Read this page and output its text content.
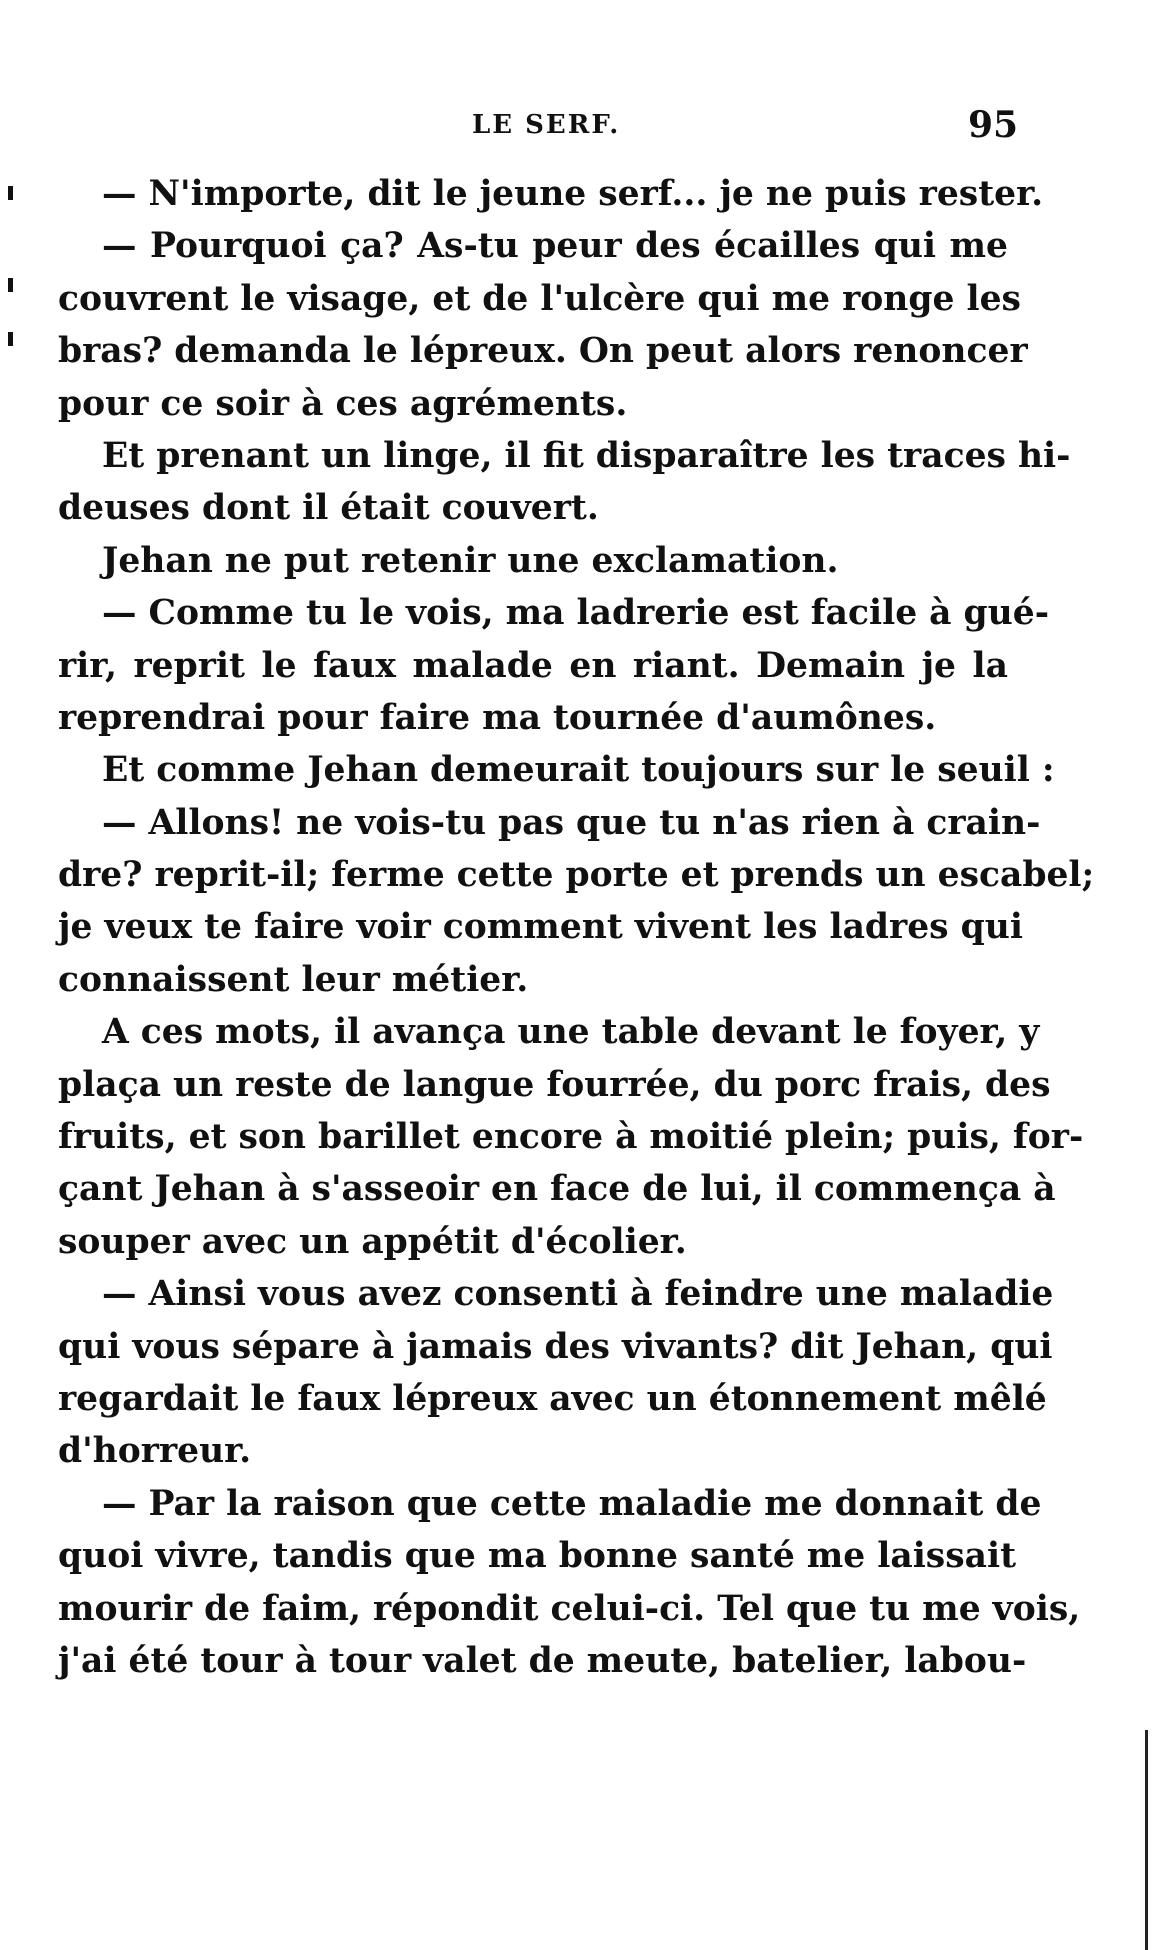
LE SERF.	95
— N'importe, dit le jeune serf... je ne puis rester.
— Pourquoi ça? As-tu peur des écailles qui me
couvrent le visage, et de l'ulcère qui me ronge les
bras? demanda le lépreux. On peut alors renoncer
pour ce soir à ces agréments.
Et prenant un linge, il fit disparaître les traces hi-
deuses dont il était couvert.
Jehan ne put retenir une exclamation.
— Comme tu le vois, ma ladrerie est facile à gué-
rir, reprit le faux malade en riant. Demain je la
reprendrai pour faire ma tournée d'aumônes.
Et comme Jehan demeurait toujours sur le seuil :
— Allons! ne vois-tu pas que tu n'as rien à crain-
dre? reprit-il; ferme cette porte et prends un escabel;
je veux te faire voir comment vivent les ladres qui
connaissent leur métier.
A ces mots, il avança une table devant le foyer, y
plaça un reste de langue fourrée, du porc frais, des
fruits, et son barillet encore à moitié plein; puis, for-
çant Jehan à s'asseoir en face de lui, il commença à
souper avec un appétit d'écolier.
— Ainsi vous avez consenti à feindre une maladie
qui vous sépare à jamais des vivants? dit Jehan, qui
regardait le faux lépreux avec un étonnement mêlé
d'horreur.
— Par la raison que cette maladie me donnait de
quoi vivre, tandis que ma bonne santé me laissait
mourir de faim, répondit celui-ci. Tel que tu me vois,
j'ai été tour à tour valet de meute, batelier, labou-
